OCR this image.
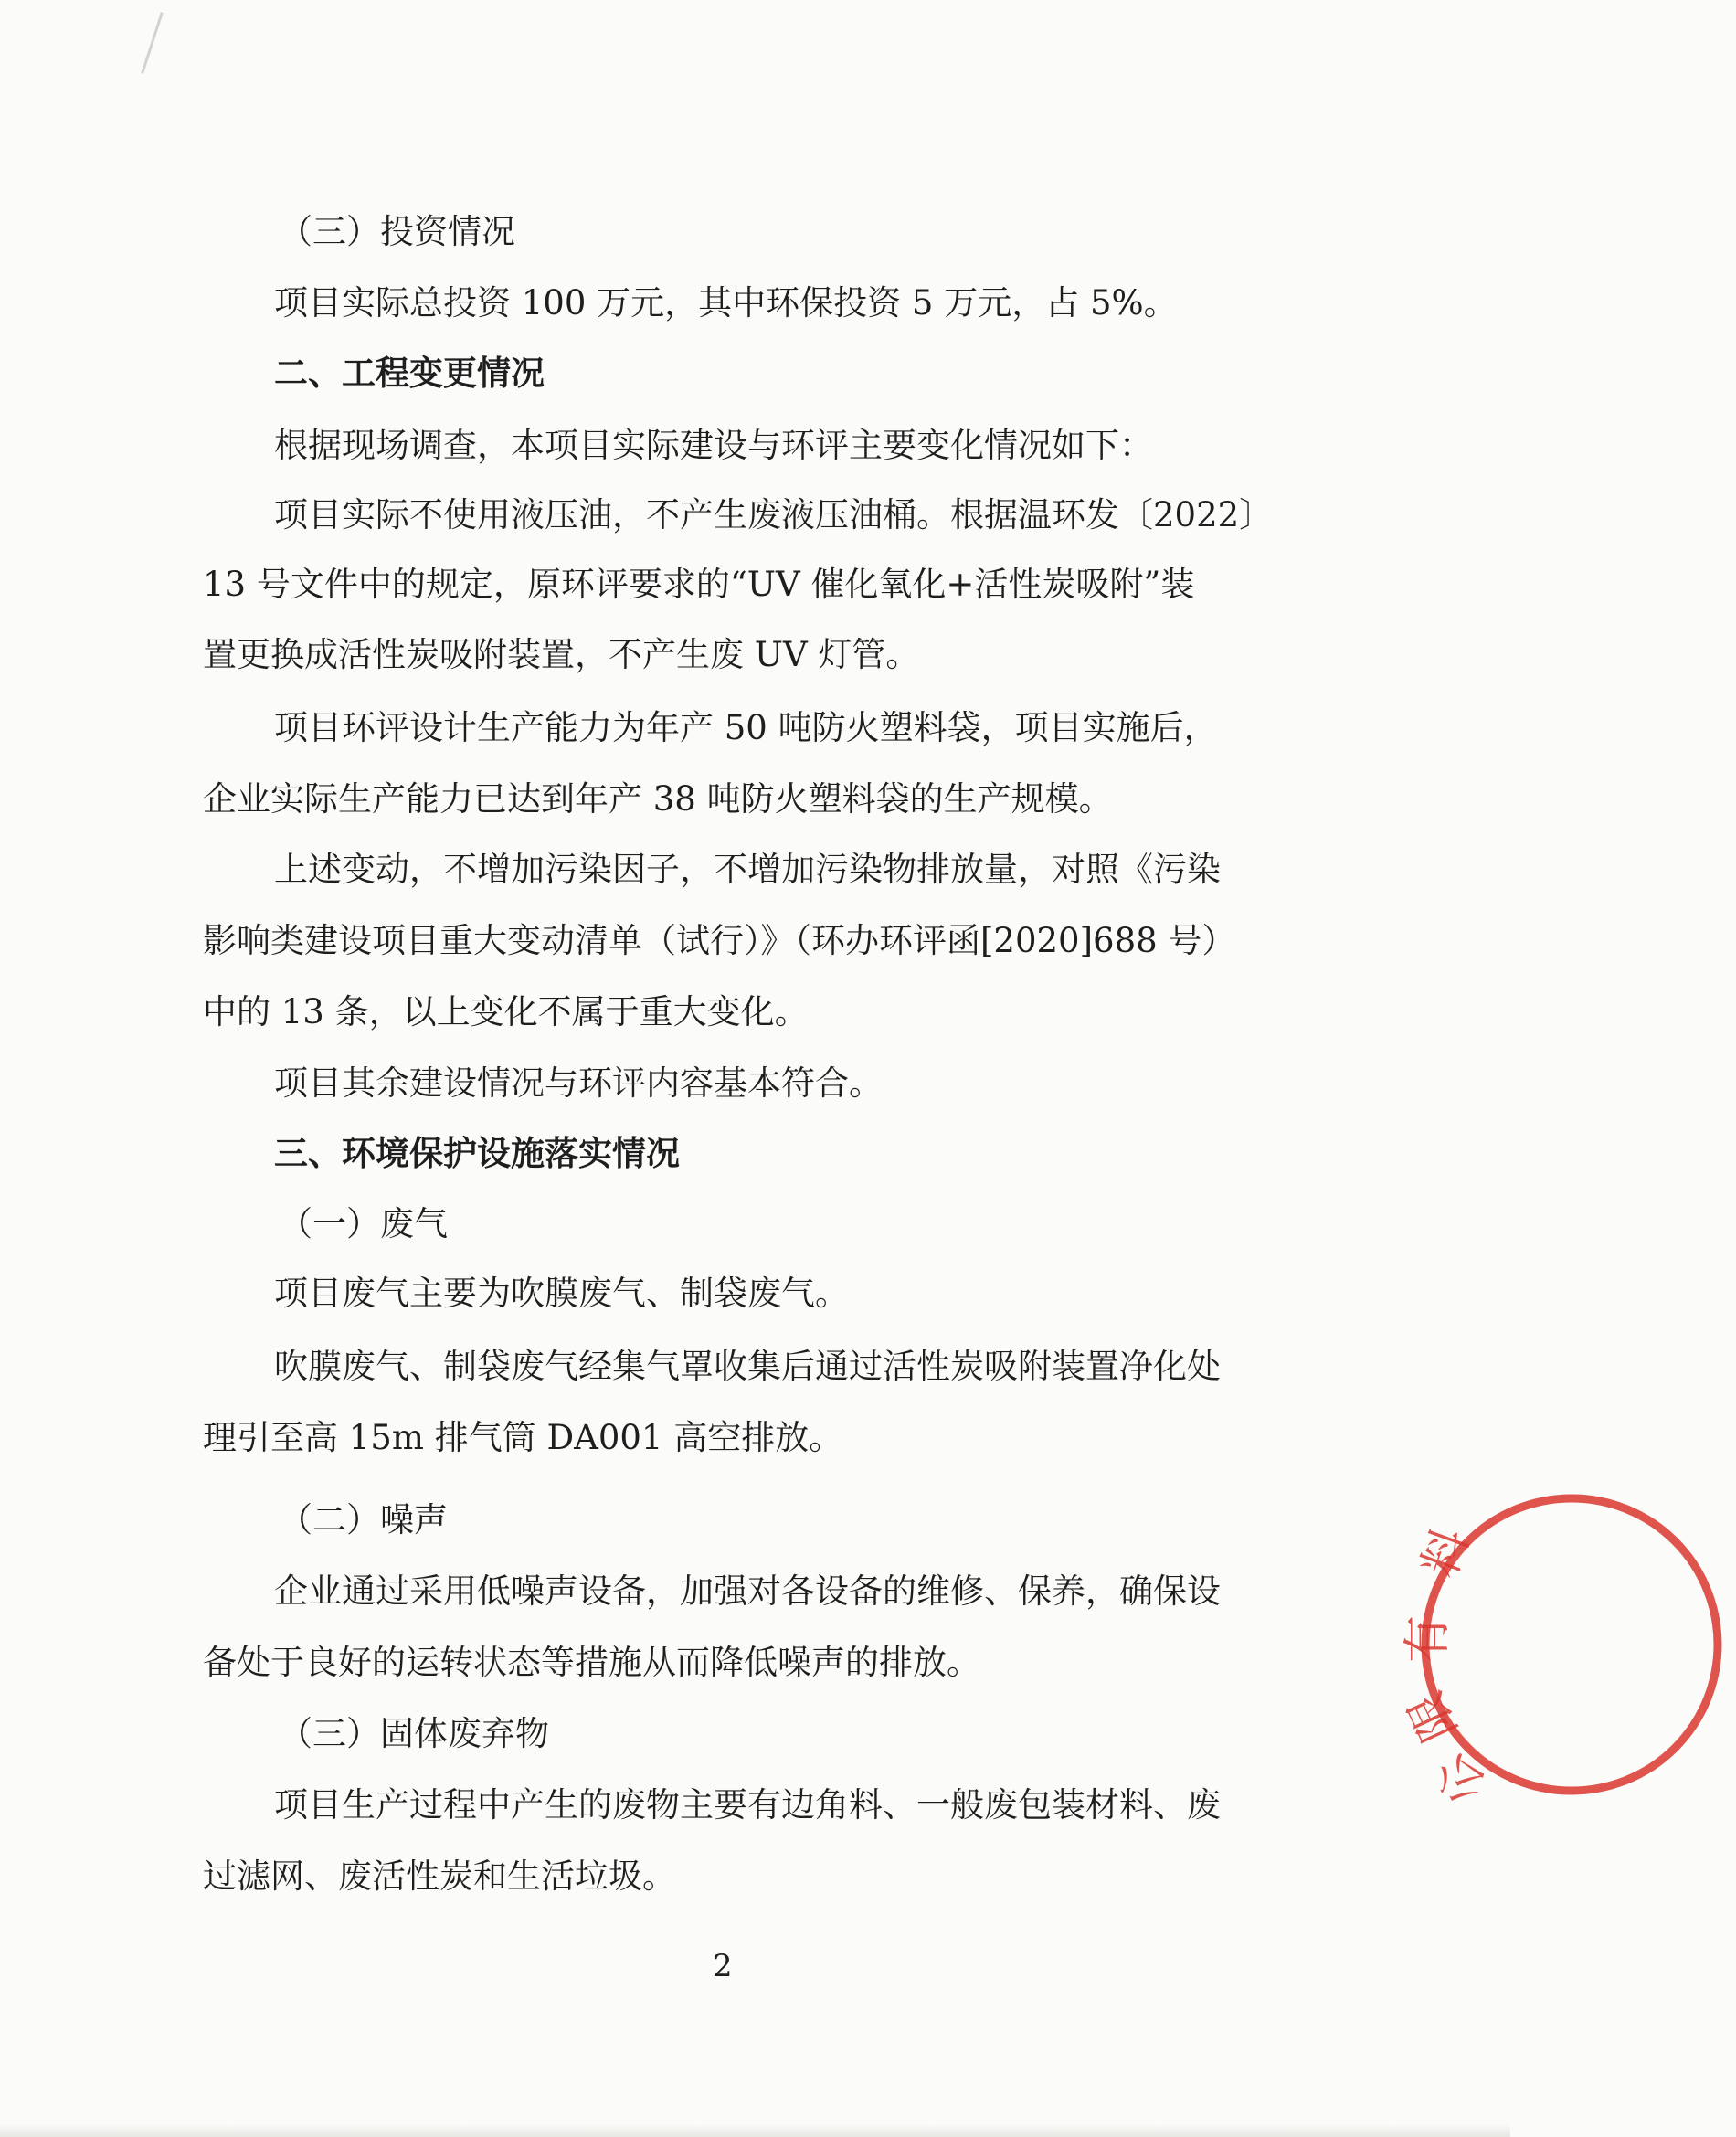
（三）投资情况
项目实际总投资 100 万元，其中环保投资 5 万元，占 5%。
二、工程变更情况
根据现场调查，本项目实际建设与环评主要变化情况如下：
项目实际不使用液压油，不产生废液压油桶。根据温环发〔2022〕
13 号文件中的规定，原环评要求的“UV 催化氧化+活性炭吸附”装
置更换成活性炭吸附装置，不产生废 UV 灯管。
项目环评设计生产能力为年产 50 吨防火塑料袋，项目实施后，
企业实际生产能力已达到年产 38 吨防火塑料袋的生产规模。
上述变动，不增加污染因子，不增加污染物排放量，对照《污染
影响类建设项目重大变动清单（试行）》（环办环评函[2020]688 号）
中的 13 条，以上变化不属于重大变化。
项目其余建设情况与环评内容基本符合。
三、环境保护设施落实情况
（一）废气
项目废气主要为吹膜废气、制袋废气。
吹膜废气、制袋废气经集气罩收集后通过活性炭吸附装置净化处
理引至高 15m 排气筒 DA001 高空排放。
（二）噪声
企业通过采用低噪声设备，加强对各设备的维修、保养，确保设
备处于良好的运转状态等措施从而降低噪声的排放。
（三）固体废弃物
项目生产过程中产生的废物主要有边角料、一般废包装材料、废
过滤网、废活性炭和生活垃圾。
2
料
有
限
公
